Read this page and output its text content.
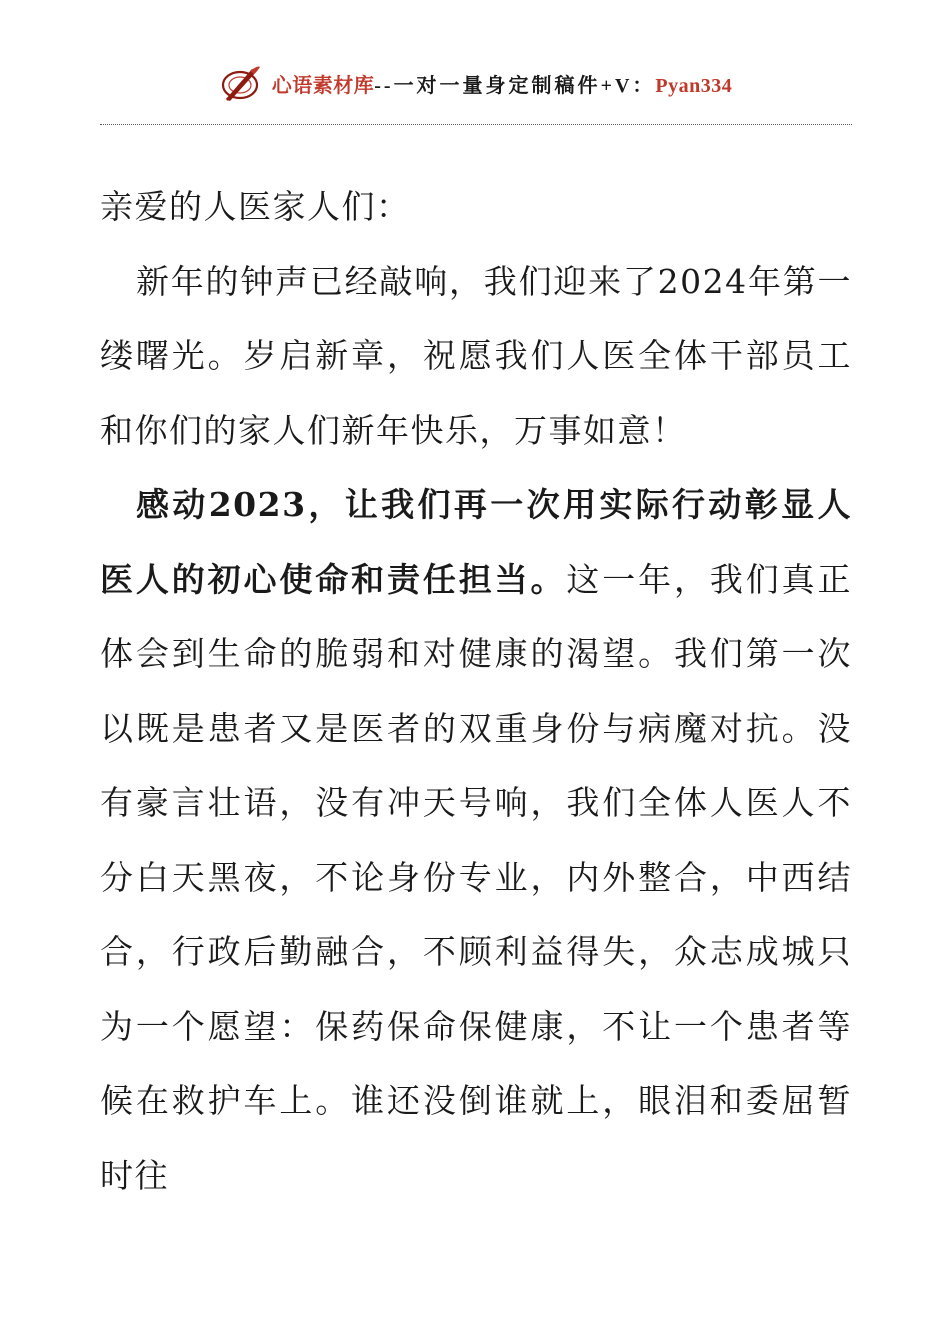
心语素材库--一对一量身定制稿件+V：Pyan334

亲爱的人医家人们：

新年的钟声已经敲响，我们迎来了2024年第一缕曙光。岁启新章，祝愿我们人医全体干部员工和你们的家人们新年快乐，万事如意！

感动2023，让我们再一次用实际行动彰显人医人的初心使命和责任担当。这一年，我们真正体会到生命的脆弱和对健康的渴望。我们第一次以既是患者又是医者的双重身份与病魔对抗。没有豪言壮语，没有冲天号响，我们全体人医人不分白天黑夜，不论身份专业，内外整合，中西结合，行政后勤融合，不顾利益得失，众志成城只为一个愿望：保药保命保健康，不让一个患者等候在救护车上。谁还没倒谁就上，眼泪和委屈暂时往
